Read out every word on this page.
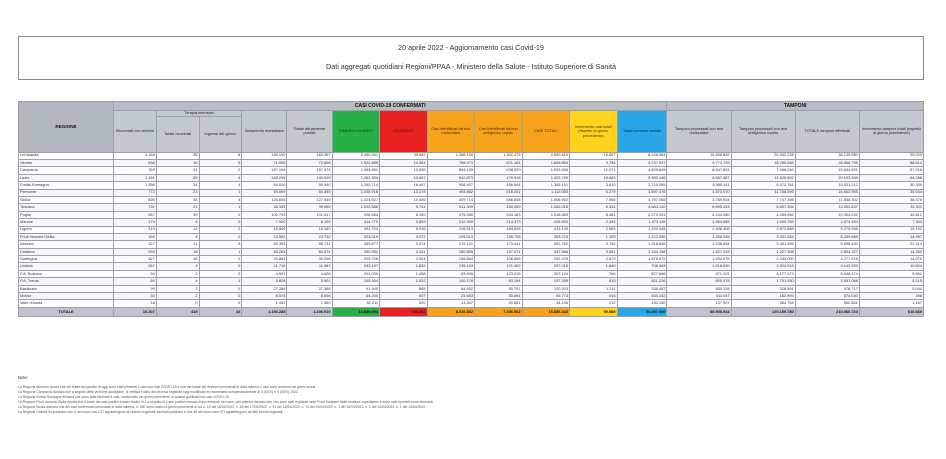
20 aprile 2022 - Aggiornamento casi Covid-19
Dati aggregati quotidiani Regioni/PPAA - Ministero della Salute - Istituto Superiore di Sanità
REGIONE	CASI COVID-19 CONFERMATI												TAMPONI			
	Ricoverati con sintomi	Terapia intensiva		Isolamento domiciliare	Totale attualmente positivi	DIMESSI/ GUARITI	DECEDUTI	Casi identificati da test molecolare	Casi identificati da test antigenico rapido	CASI TOTALI	Incremento casi totali (rispetto al giorno precedente)	Totale persone testate	Tamponi processati con test molecolare	Tamponi processati con test antigenico rapido	TOTALE tamponi effettuati	Incremento tamponi totali (rispetto al giorno precedente)
		Totale ricoverati	Ingressi del giorno													
Lombardia	1.169	38	8	159.190	160.397	2.490.531	39.682	1.388.130	1.302.475	2.690.610	16.067	8.138.964	15.696.852	20.442.228	36.139.080	99.023
Veneto	638	15	5	71.955	72.608	1.522.885	14.361	788.473	821.181	1.609.854	9.754	4.737.537	9.773.729	18.785.066	28.556.795	88.514
Campania	759	41	2	157.194	157.974	1.364.891	10.200	894.145	638.920	1.533.065	12.271	4.829.849	8.547.851	7.086.240	15.634.091	57.916
Lazio	1.151	69	4	148.299	149.519	1.262.304	10.067	942.873	479.918	1.422.790	10.683	5.390.146	8.567.367	11.625.902	20.193.269	64.286
Emilia-Romagna	1.396	34	4	54.510	55.940	1.292.714	16.497	908.407	456.544	1.365.151	3.610	2.710.265	8.958.411	6.572.781	15.531.212	30.339
Piemonte	773	23	1	59.699	60.495	1.038.918	13.278	493.882	618.201	1.112.083	5.279	3.897.476	4.873.970	11.788.595	16.662.965	35.044
Sicilia	895	48	4	126.606	127.549	1.024.927	10.406	409.714	586.838	1.066.952	7.956	4.757.065	3.789.904	7.747.398	11.538.302	38.476
Toscana	731	21	1	48.333	49.085	1.002.588	9.741	611.949	450.069	1.062.018	6.344	4.684.140	6.895.443	6.857.394	13.552.837	39.301
Puglia	567	39	0	100.793	101.417	908.864	8.190	475.280	543.183	1.018.463	8.481	2.270.931	4.244.080	4.059.952	10.304.032	40.812
Marche	179	8	0	7.920	8.109	414.775	3.809	212.320	214.373	426.693	2.494	1.973.116	1.964.665	1.009.769	2.974.434	7.304
Liguria	319	12	2	15.849	16.180	391.724	5.236	228.513	184.628	413.140	2.563	1.293.345	2.406.408	2.872.858	5.279.266	15.192
Friuli Venezia Giulia	165	4	0	24.562	24.732	324.019	4.972	195.014	158.708	353.723	1.109	1.122.050	3.258.055	3.001.634	6.259.689	14.957
Abruzzo	327	11	4	89.393	89.731	289.877	3.374	179.141	173.441	352.782	3.746	1.216.646	2.236.834	3.461.596	5.698.430	22.413
Calabria	293	18	1	84.263	84.574	250.951	2.441	180.895	157.071	337.966	3.551	2.164.158	1.627.019	1.227.308	2.854.327	14.262
Sardegna	327	18	0	29.861	30.206	229.728	2.504	155.554	106.895	262.229	2.879	1.575.472	1.934.578	2.343.000	4.277.578	14.079
Umbria	267	4	0	11.716	11.987	243.197	1.832	135.163	121.452	257.015	1.640	708.063	1.618.020	2.524.913	4.142.933	10.604
P.A. Bolzano	34	3	2	4.591	4.628	201.030	1.458	83.908	123.216	207.124	766	827.698	871.101	4.177.373	5.048.474	5.951
P.A. Trento	69	4	1	5.828	5.901	155.954	1.532	100.278	63.194	157.395	815	821.226	805.378	1.751.930	2.557.088	5.215
Basilicata	99	3	0	27.286	27.388	91.940	865	64.452	55.751	120.203	1.211	338.467	650.128	328.591	978.717	5.044
Molise	30	2	0	8.576	8.608	64.200	607	24.683	30.891	55.774	516	534.152	411.047	162.993	574.040	396
Valle d'Aosta	18	0	0	1.442	1.460	32.211	520	13.347	20.851	34.196	212	130.150	137.907	364.754	502.661	1.167
TOTALE	10.207	415	44	1.196.288	1.206.910	14.689.694	161.032	8.519.882	7.336.562	15.856.442	99.689	56.057.000	89.900.944	120.159.780	210.060.724	610.660
Note:
La Regione Abruzzo riporta che del totale dei positivi di oggi sono stati eliminati 2 casi non casi COVID-19 e che del totale dei decessi comunicati in data odierna 2 casi sono avvenuti nei giorni scorsi.
La Regione Campania dichiara che a seguito delle verifiche quotidiane, si rettifica il dato dei decessi registrati oggi modificato ed aumentato complessivamente di 3 (GEV) e 4 (GEV) 2022.
La Regione Emilia-Romagna dichiara che sono stati eliminati 8 casi, consecutivi nei giorni precedenti, in quanto giudicati non casi COVID-19.
La Regione Friuli Venezia Giulia riporta che il totale dei casi positivi è stato ridotto di 2 a seguito di 2 test positivi rimossi dopo revisione del caso, otto ulteriori decessi che non sono stati registrati nelle Fonti Sanitarie delle strutture ospedaliere e sono stati riportati come deceduti.
La Regione Sicilia dichiara che dei casi confermati comunicati in data odierna, n. 480 sono relativi a giorni precedenti di cui n. 10 del 16/04/2022; n. 45 del 17/04/2022; n. 91 del 18/04/2022; n. 74 del 19/04/2022; n. 1 del 15/04/2022; n. 1 del 14/04/2022; n. 1 del 13/04/2022.
La Regione Umbria ha precisato che 4 dei nuovi casi UTI appartengono al circuito regionale sanitario pubblico e che 48 dei nuovi casi UTI appartengono ad altri circuiti regionali.
